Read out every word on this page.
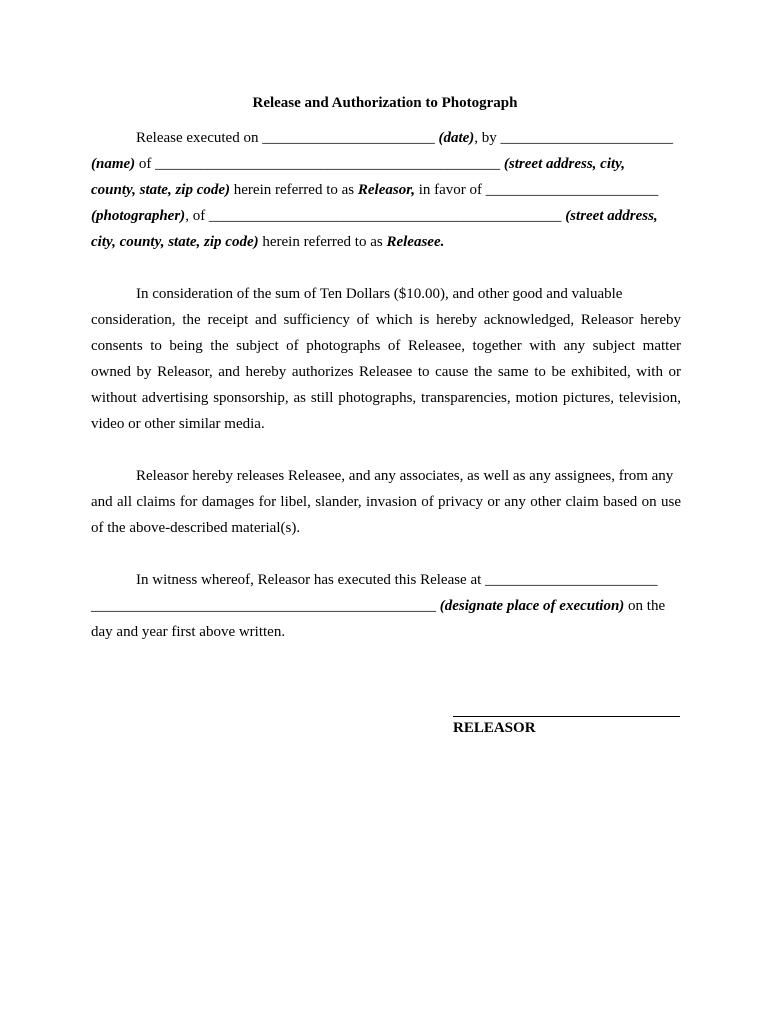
Release and Authorization to Photograph
Release executed on _______________________ (date), by _______________________
(name) of ______________________________________________ (street address, city,
county, state, zip code) herein referred to as Releasor, in favor of _______________________
(photographer), of _______________________________________________ (street address,
city, county, state, zip code) herein referred to as Releasee.
In consideration of the sum of Ten Dollars ($10.00), and other good and valuable
consideration, the receipt and sufficiency of which is hereby acknowledged, Releasor hereby
consents to being the subject of photographs of Releasee, together with any subject matter
owned by Releasor, and hereby authorizes Releasee to cause the same to be exhibited, with or
without advertising sponsorship, as still photographs, transparencies, motion pictures, television,
video or other similar media.
Releasor hereby releases Releasee, and any associates, as well as any assignees, from any
and all claims for damages for libel, slander, invasion of privacy or any other claim based on use
of the above-described material(s).
In witness whereof, Releasor has executed this Release at _______________________
______________________________________________ (designate place of execution) on the
day and year first above written.
RELEASOR
